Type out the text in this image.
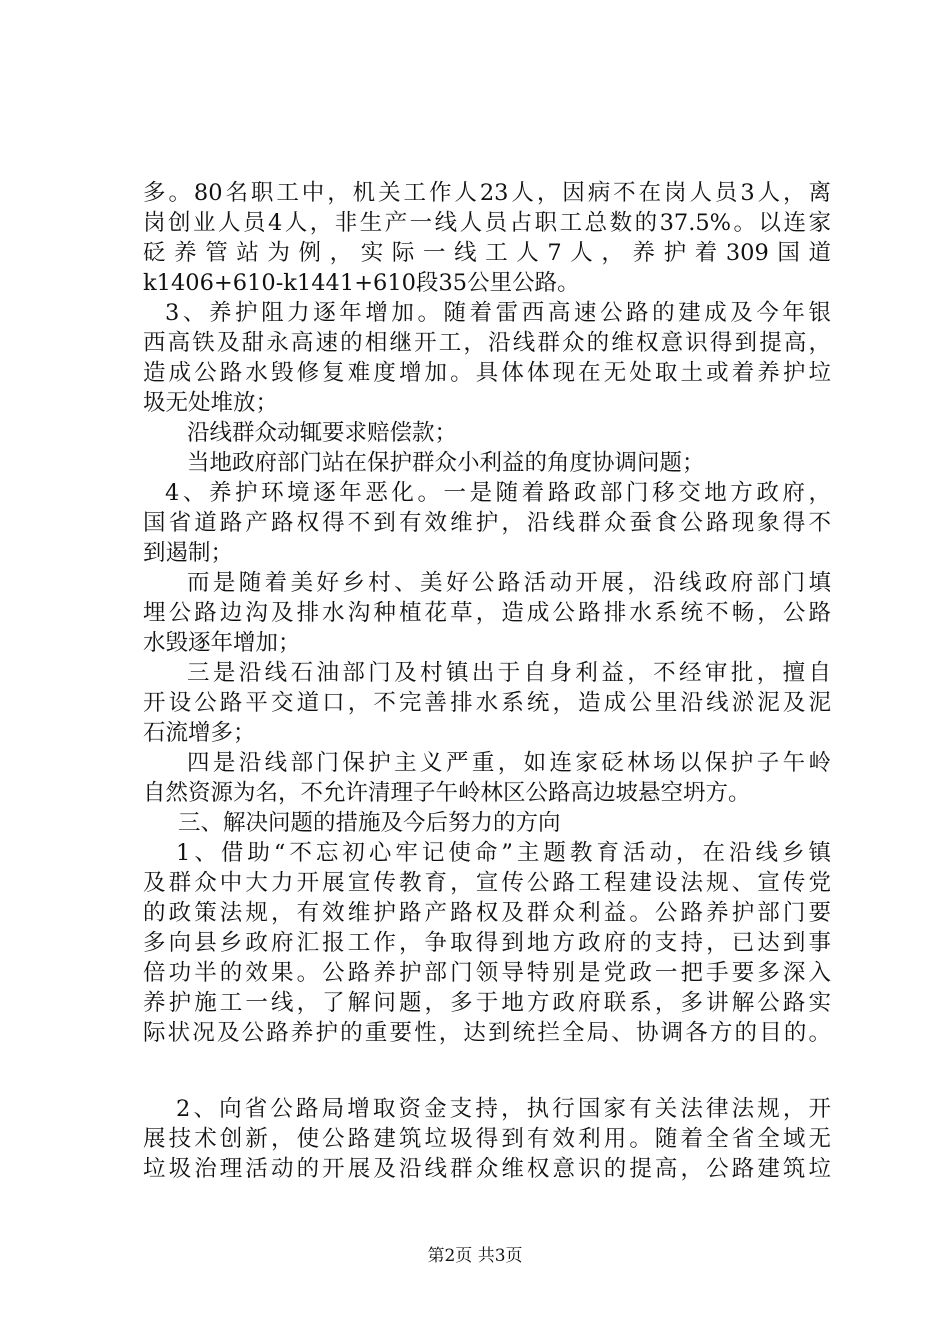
多。80名职工中，机关工作人23人，因病不在岗人员3人，离
岗创业人员4人，非生产一线人员占职工总数的37.5%。以连家
砭养管站为例，实际一线工人7人，养护着309国道
k1406+610-k1441+610段35公里公路。
3、养护阻力逐年增加。随着雷西高速公路的建成及今年银
西高铁及甜永高速的相继开工，沿线群众的维权意识得到提高，
造成公路水毁修复难度增加。具体体现在无处取土或着养护垃
圾无处堆放；
沿线群众动辄要求赔偿款；
当地政府部门站在保护群众小利益的角度协调问题；
4、养护环境逐年恶化。一是随着路政部门移交地方政府，
国省道路产路权得不到有效维护，沿线群众蚕食公路现象得不
到遏制；
而是随着美好乡村、美好公路活动开展，沿线政府部门填
埋公路边沟及排水沟种植花草，造成公路排水系统不畅，公路
水毁逐年增加；
三是沿线石油部门及村镇出于自身利益，不经审批，擅自
开设公路平交道口，不完善排水系统，造成公里沿线淤泥及泥
石流增多；
四是沿线部门保护主义严重，如连家砭林场以保护子午岭
自然资源为名，不允许清理子午岭林区公路高边坡悬空坍方。
三、解决问题的措施及今后努力的方向
1、借助“不忘初心牢记使命”主题教育活动，在沿线乡镇
及群众中大力开展宣传教育，宣传公路工程建设法规、宣传党
的政策法规，有效维护路产路权及群众利益。公路养护部门要
多向县乡政府汇报工作，争取得到地方政府的支持，已达到事
倍功半的效果。公路养护部门领导特别是党政一把手要多深入
养护施工一线，了解问题，多于地方政府联系，多讲解公路实
际状况及公路养护的重要性，达到统拦全局、协调各方的目的。
2、向省公路局增取资金支持，执行国家有关法律法规，开
展技术创新，使公路建筑垃圾得到有效利用。随着全省全域无
垃圾治理活动的开展及沿线群众维权意识的提高，公路建筑垃
第2页 共3页
